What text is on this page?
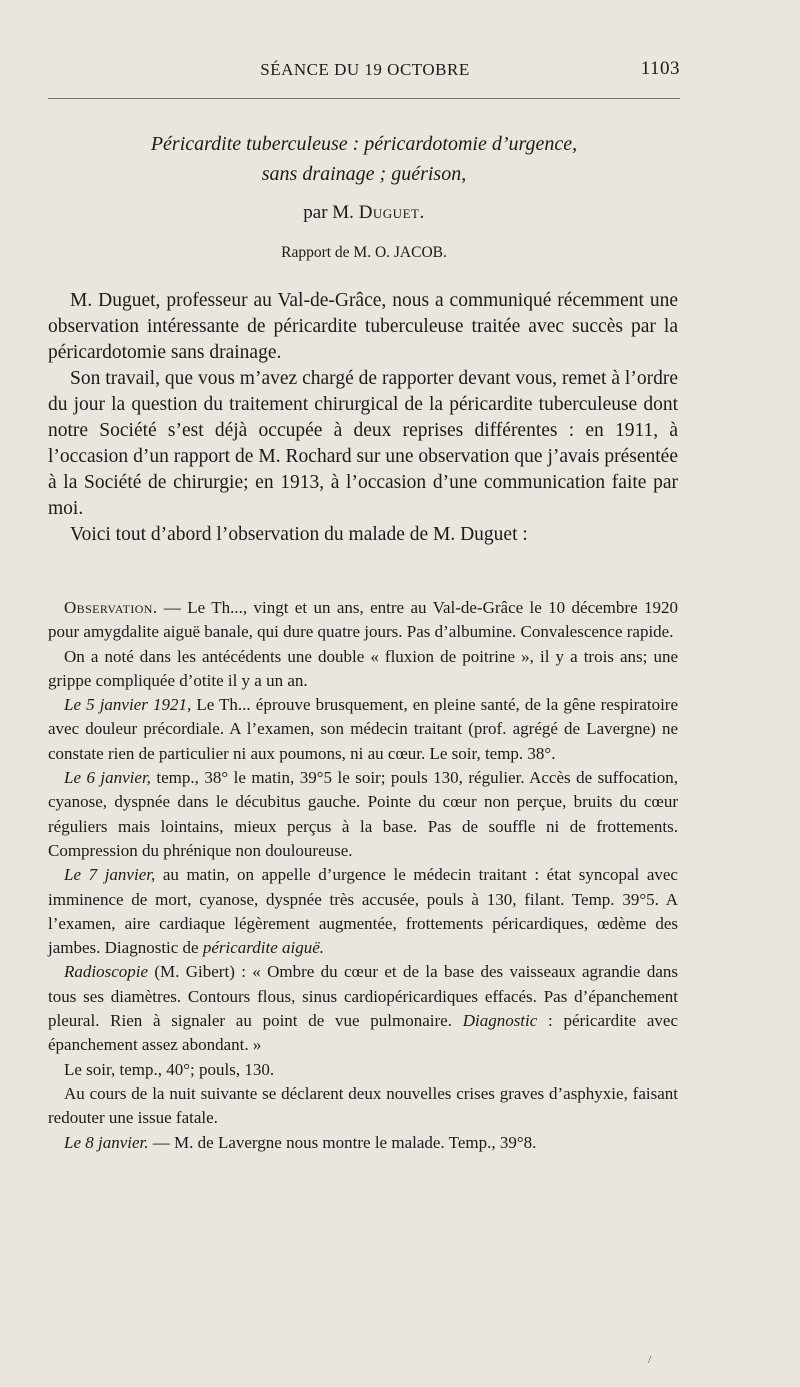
SÉANCE DU 19 OCTOBRE	1103
Péricardite tuberculeuse : péricardotomie d’urgence,
sans drainage ; guérison,
par M. Duguet.
Rapport de M. O. JACOB.

M. Duguet, professeur au Val-de-Grâce, nous a communiqué récemment une observation intéressante de péricardite tuberculeuse traitée avec succès par la péricardotomie sans drainage.

Son travail, que vous m’avez chargé de rapporter devant vous, remet à l’ordre du jour la question du traitement chirurgical de la péricardite tuberculeuse dont notre Société s’est déjà occupée à deux reprises différentes : en 1911, à l’occasion d’un rapport de M. Rochard sur une observation que j’avais présentée à la Société de chirurgie; en 1913, à l’occasion d’une communication faite par moi.

Voici tout d’abord l’observation du malade de M. Duguet :

Observation. — Le Th..., vingt et un ans, entre au Val-de-Grâce le 10 décembre 1920 pour amygdalite aiguë banale, qui dure quatre jours. Pas d’albumine. Convalescence rapide.

On a noté dans les antécédents une double « fluxion de poitrine », il y a trois ans; une grippe compliquée d’otite il y a un an.

Le 5 janvier 1921, Le Th... éprouve brusquement, en pleine santé, de la gêne respiratoire avec douleur précordiale. A l’examen, son médecin traitant (prof. agrégé de Lavergne) ne constate rien de particulier ni aux poumons, ni au cœur. Le soir, temp. 38°.

Le 6 janvier, temp., 38° le matin, 39°5 le soir; pouls 130, régulier. Accès de suffocation, cyanose, dyspnée dans le décubitus gauche. Pointe du cœur non perçue, bruits du cœur réguliers mais lointains, mieux perçus à la base. Pas de souffle ni de frottements. Compression du phrénique non douloureuse.

Le 7 janvier, au matin, on appelle d’urgence le médecin traitant : état syncopal avec imminence de mort, cyanose, dyspnée très accusée, pouls à 130, filant. Temp. 39°5. A l’examen, aire cardiaque légèrement augmentée, frottements péricardiques, œdème des jambes. Diagnostic de péricardite aiguë.

Radioscopie (M. Gibert) : « Ombre du cœur et de la base des vaisseaux agrandie dans tous ses diamètres. Contours flous, sinus cardiopéricardiques effacés. Pas d’épanchement pleural. Rien à signaler au point de vue pulmonaire. Diagnostic : péricardite avec épanchement assez abondant. »

Le soir, temp., 40°; pouls, 130.

Au cours de la nuit suivante se déclarent deux nouvelles crises graves d’asphyxie, faisant redouter une issue fatale.

Le 8 janvier. — M. de Lavergne nous montre le malade. Temp., 39°8.

/
